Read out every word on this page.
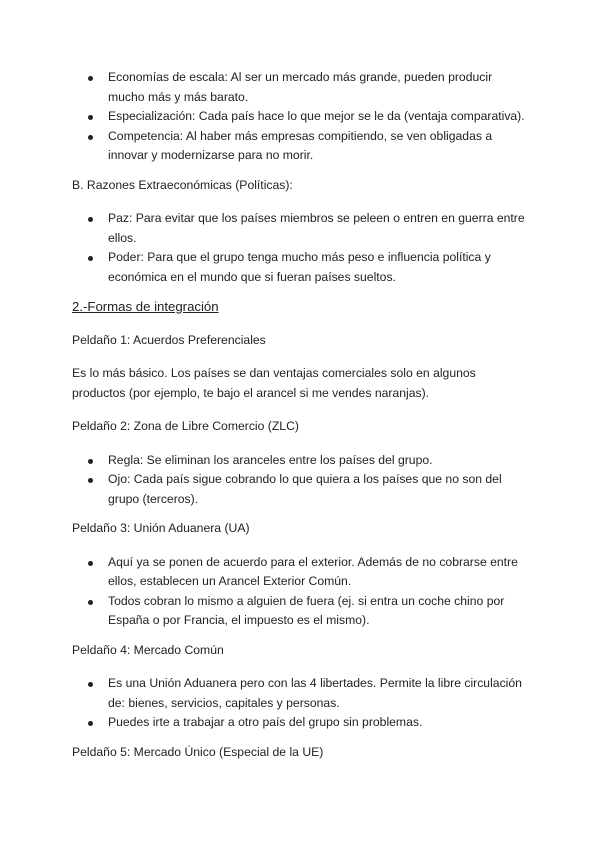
Economías de escala: Al ser un mercado más grande, pueden producir mucho más y más barato.
Especialización: Cada país hace lo que mejor se le da (ventaja comparativa).
Competencia: Al haber más empresas compitiendo, se ven obligadas a innovar y modernizarse para no morir.

B. Razones Extraeconómicas (Políticas):

Paz: Para evitar que los países miembros se peleen o entren en guerra entre ellos.
Poder: Para que el grupo tenga mucho más peso e influencia política y económica en el mundo que si fueran países sueltos.

2.-Formas de integración

Peldaño 1: Acuerdos Preferenciales

Es lo más básico. Los países se dan ventajas comerciales solo en algunos productos (por ejemplo, te bajo el arancel si me vendes naranjas).

Peldaño 2: Zona de Libre Comercio (ZLC)

Regla: Se eliminan los aranceles entre los países del grupo.
Ojo: Cada país sigue cobrando lo que quiera a los países que no son del grupo (terceros).

Peldaño 3: Unión Aduanera (UA)

Aquí ya se ponen de acuerdo para el exterior. Además de no cobrarse entre ellos, establecen un Arancel Exterior Común.
Todos cobran lo mismo a alguien de fuera (ej. si entra un coche chino por España o por Francia, el impuesto es el mismo).

Peldaño 4: Mercado Común

Es una Unión Aduanera pero con las 4 libertades. Permite la libre circulación de: bienes, servicios, capitales y personas.
Puedes irte a trabajar a otro país del grupo sin problemas.

Peldaño 5: Mercado Único (Especial de la UE)
